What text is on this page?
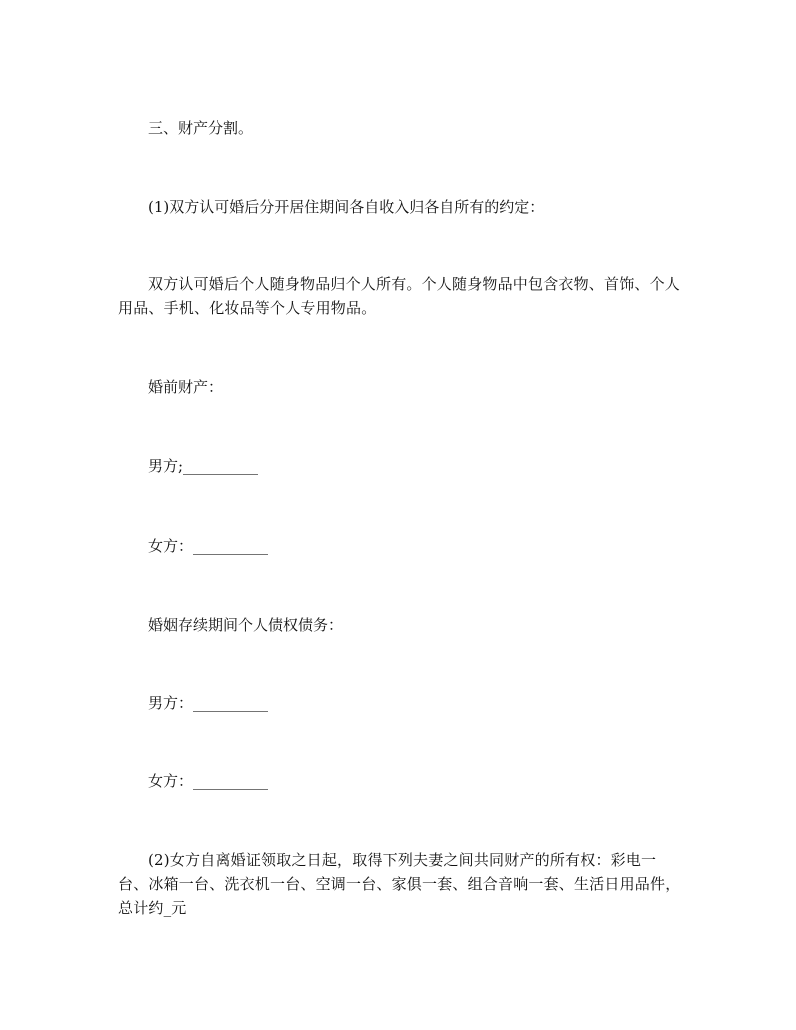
三、财产分割。
(1)双方认可婚后分开居住期间各自收入归各自所有的约定：
双方认可婚后个人随身物品归个人所有。个人随身物品中包含衣物、首饰、个人用品、手机、化妆品等个人专用物品。
婚前财产：
男方;__________
女方：__________
婚姻存续期间个人债权债务：
男方：__________
女方：__________
(2)女方自离婚证领取之日起，取得下列夫妻之间共同财产的所有权：彩电一台、冰箱一台、洗衣机一台、空调一台、家俱一套、组合音响一套、生活日用品件，总计约_元
